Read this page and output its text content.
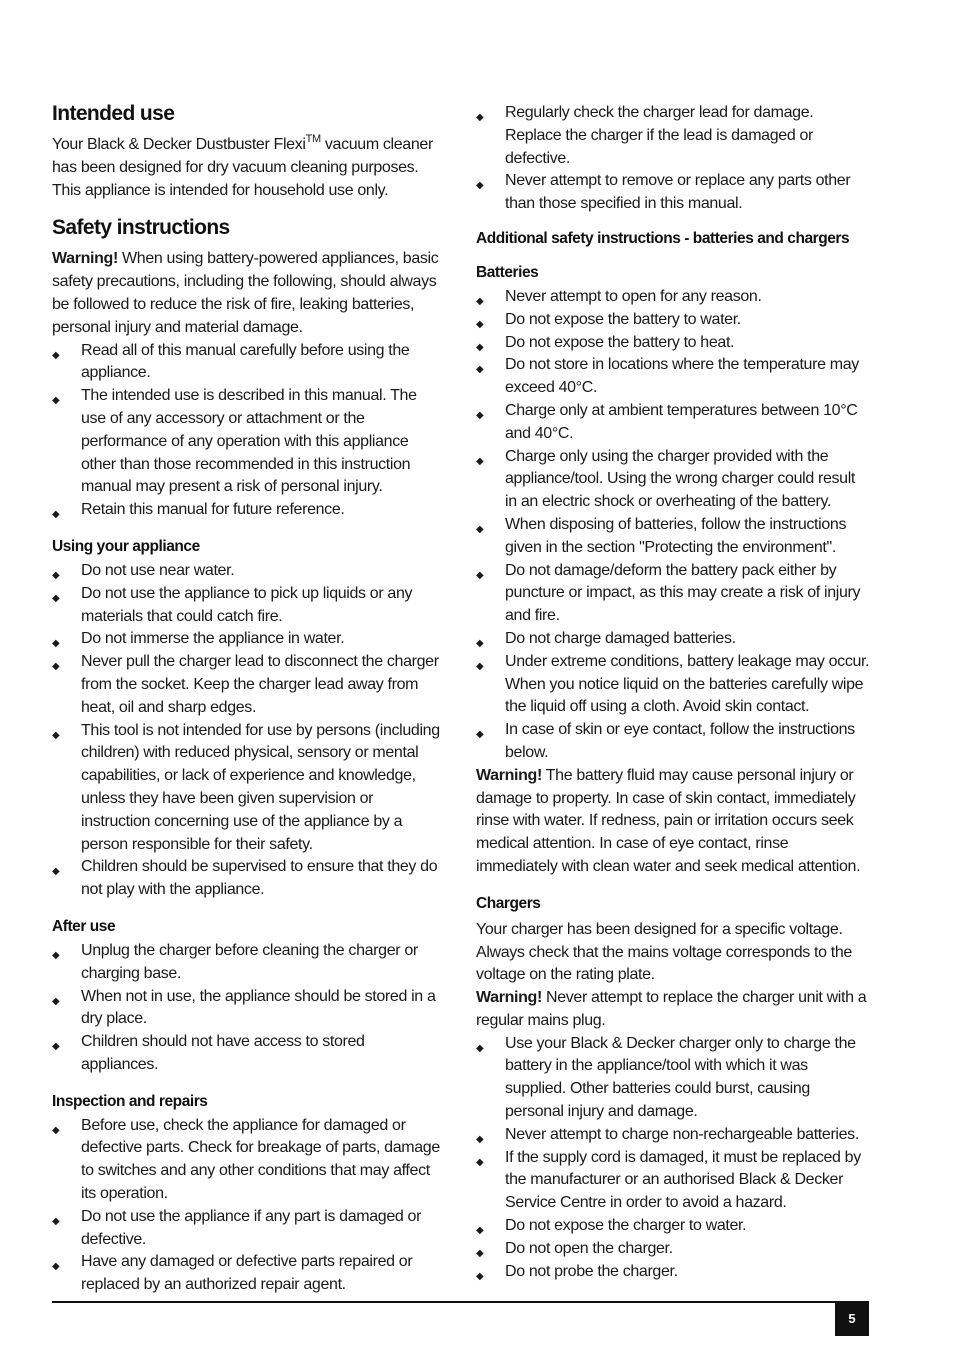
Intended use

Your Black & Decker Dustbuster Flexi™ vacuum cleaner has been designed for dry vacuum cleaning purposes. This appliance is intended for household use only.

Safety instructions

Warning! When using battery-powered appliances, basic safety precautions, including the following, should always be followed to reduce the risk of fire, leaking batteries, personal injury and material damage.

◆ Read all of this manual carefully before using the appliance.
◆ The intended use is described in this manual. The use of any accessory or attachment or the performance of any operation with this appliance other than those recommended in this instruction manual may present a risk of personal injury.
◆ Retain this manual for future reference.
Using your appliance
◆ Do not use near water.
◆ Do not use the appliance to pick up liquids or any materials that could catch fire.
◆ Do not immerse the appliance in water.
◆ Never pull the charger lead to disconnect the charger from the socket. Keep the charger lead away from heat, oil and sharp edges.
◆ This tool is not intended for use by persons (including children) with reduced physical, sensory or mental capabilities, or lack of experience and knowledge, unless they have been given supervision or instruction concerning use of the appliance by a person responsible for their safety.
◆ Children should be supervised to ensure that they do not play with the appliance.
After use
◆ Unplug the charger before cleaning the charger or charging base.
◆ When not in use, the appliance should be stored in a dry place.
◆ Children should not have access to stored appliances.
Inspection and repairs
◆ Before use, check the appliance for damaged or defective parts. Check for breakage of parts, damage to switches and any other conditions that may affect its operation.
◆ Do not use the appliance if any part is damaged or defective.
◆ Have any damaged or defective parts repaired or replaced by an authorized repair agent.
◆ Regularly check the charger lead for damage. Replace the charger if the lead is damaged or defective.
◆ Never attempt to remove or replace any parts other than those specified in this manual.
Additional safety instructions - batteries and chargers
Batteries
◆ Never attempt to open for any reason.
◆ Do not expose the battery to water.
◆ Do not expose the battery to heat.
◆ Do not store in locations where the temperature may exceed 40°C.
◆ Charge only at ambient temperatures between 10°C and 40°C.
◆ Charge only using the charger provided with the appliance/tool. Using the wrong charger could result in an electric shock or overheating of the battery.
◆ When disposing of batteries, follow the instructions given in the section "Protecting the environment".
◆ Do not damage/deform the battery pack either by puncture or impact, as this may create a risk of injury and fire.
◆ Do not charge damaged batteries.
◆ Under extreme conditions, battery leakage may occur. When you notice liquid on the batteries carefully wipe the liquid off using a cloth. Avoid skin contact.
◆ In case of skin or eye contact, follow the instructions below.

Warning! The battery fluid may cause personal injury or damage to property. In case of skin contact, immediately rinse with water. If redness, pain or irritation occurs seek medical attention. In case of eye contact, rinse immediately with clean water and seek medical attention.

Chargers

Your charger has been designed for a specific voltage. Always check that the mains voltage corresponds to the voltage on the rating plate.

Warning! Never attempt to replace the charger unit with a regular mains plug.

◆ Use your Black & Decker charger only to charge the battery in the appliance/tool with which it was supplied. Other batteries could burst, causing personal injury and damage.
◆ Never attempt to charge non-rechargeable batteries.
◆ If the supply cord is damaged, it must be replaced by the manufacturer or an authorised Black & Decker Service Centre in order to avoid a hazard.
◆ Do not expose the charger to water.
◆ Do not open the charger.
◆ Do not probe the charger.
5
